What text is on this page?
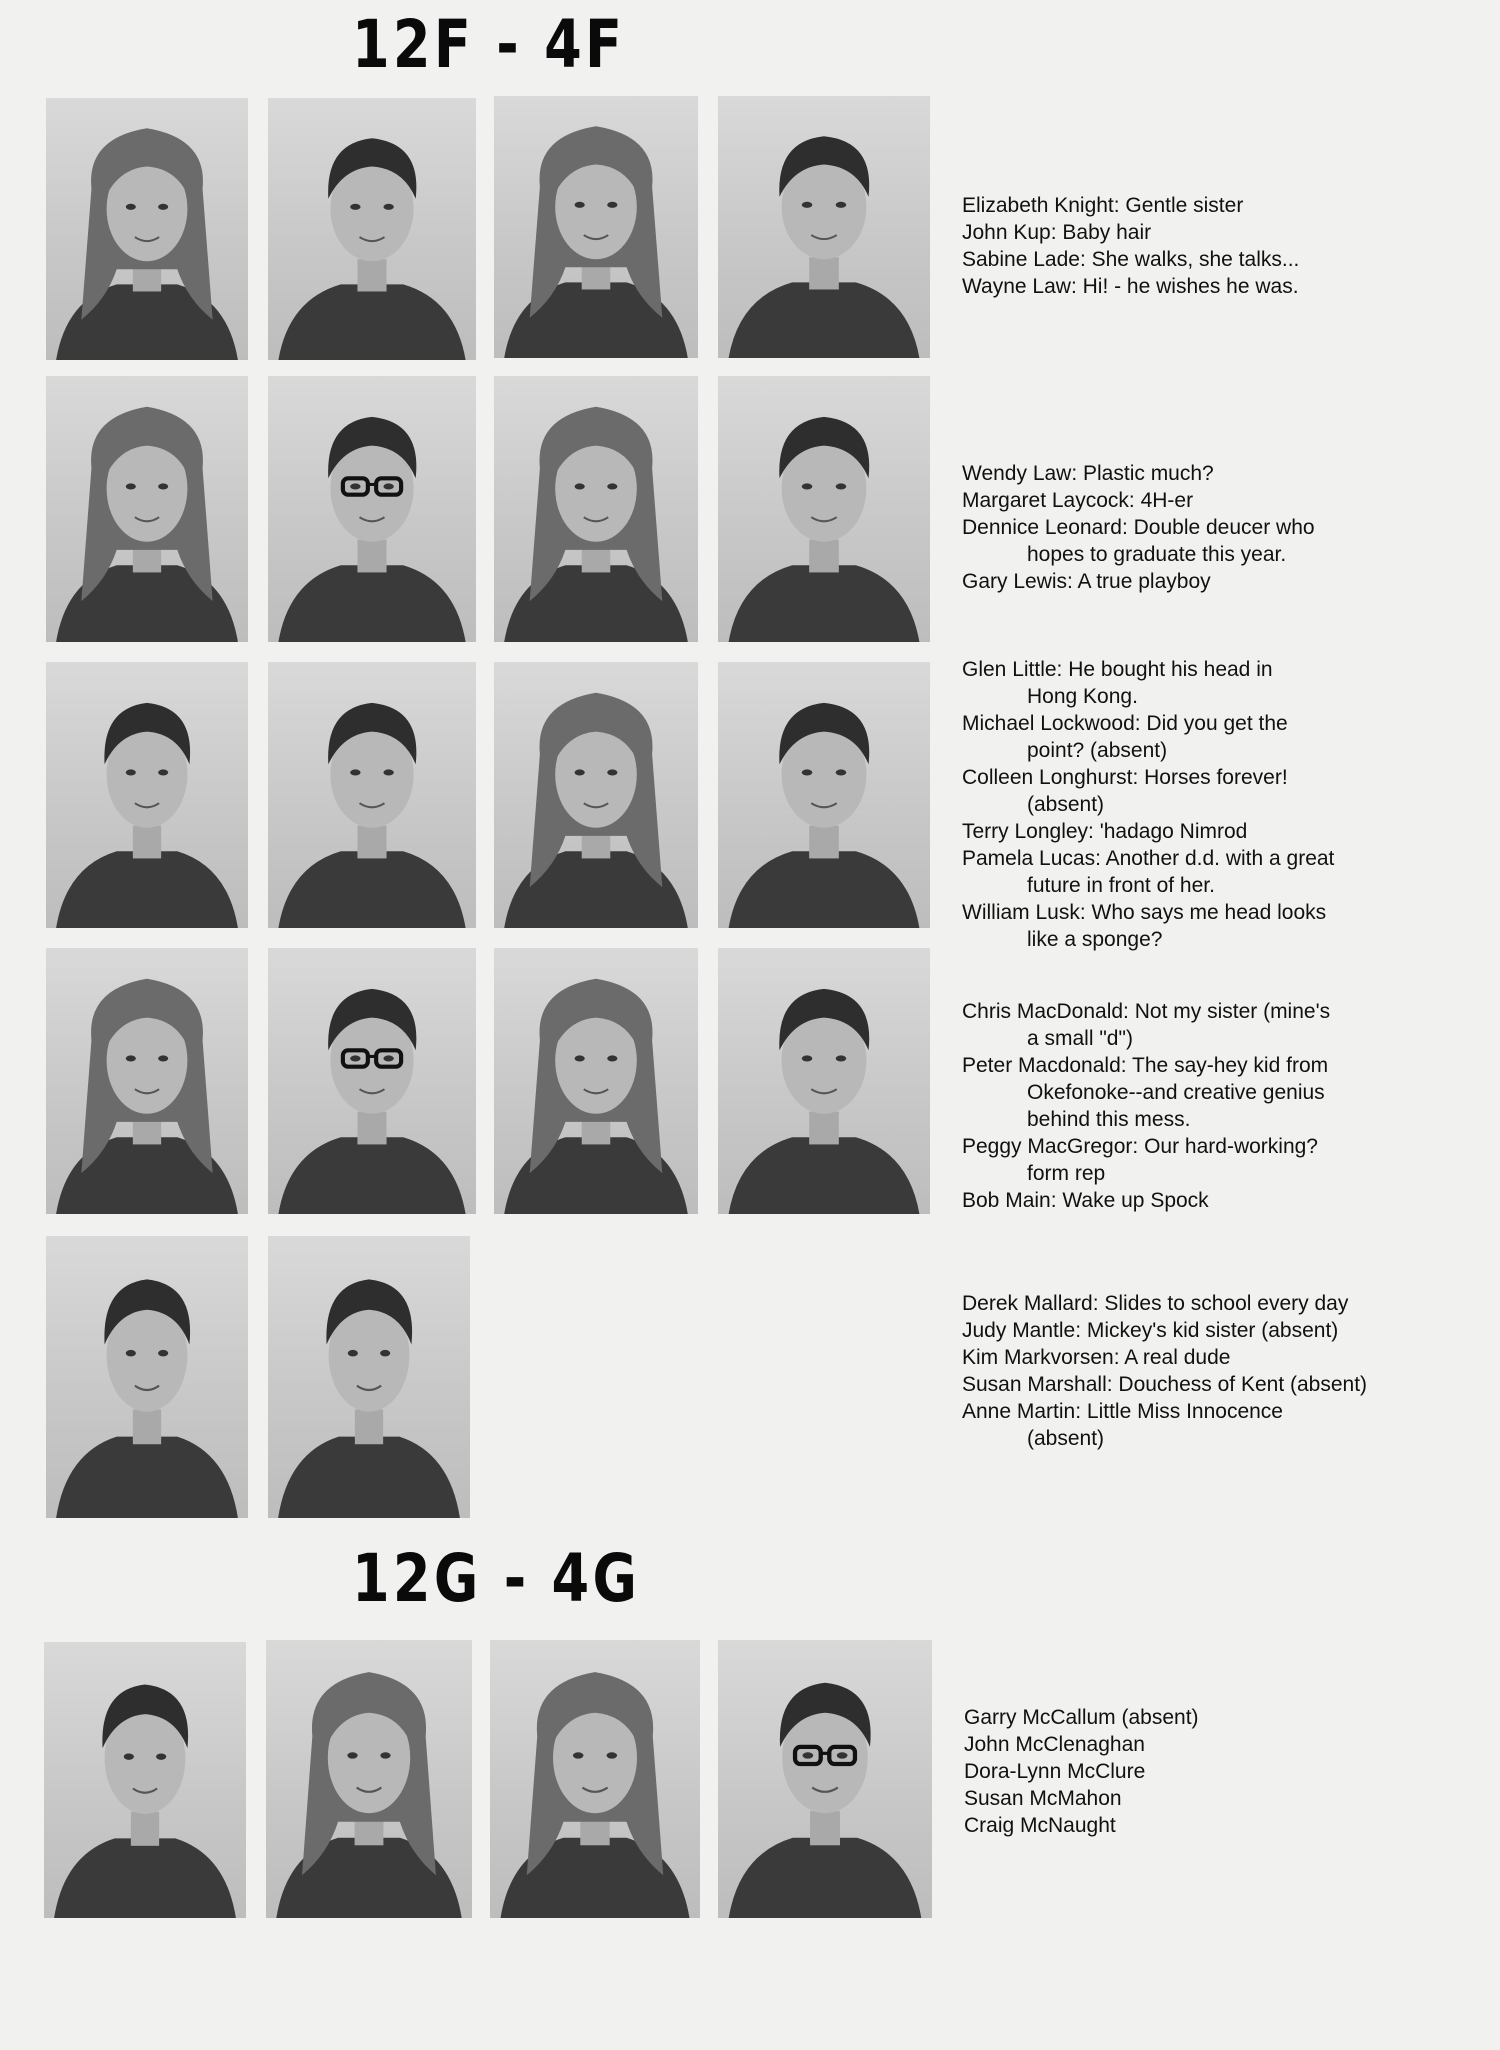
12F - 4F
12G - 4G
Elizabeth Knight: Gentle sister
John Kup: Baby hair
Sabine Lade: She walks, she talks...
Wayne Law: Hi! - he wishes he was.
Wendy Law: Plastic much?
Margaret Laycock: 4H-er
Dennice Leonard: Double deucer who
hopes to graduate this year.
Gary Lewis: A true playboy
Glen Little: He bought his head in
Hong Kong.
Michael Lockwood: Did you get the
point? (absent)
Colleen Longhurst: Horses forever!
(absent)
Terry Longley: 'hadago Nimrod
Pamela Lucas: Another d.d. with a great
future in front of her.
William Lusk: Who says me head looks
like a sponge?
Chris MacDonald: Not my sister (mine's
a small "d")
Peter Macdonald: The say-hey kid from
Okefonoke--and creative genius
behind this mess.
Peggy MacGregor: Our hard-working?
form rep
Bob Main: Wake up Spock
Derek Mallard: Slides to school every day
Judy Mantle: Mickey's kid sister (absent)
Kim Markvorsen: A real dude
Susan Marshall: Douchess of Kent (absent)
Anne Martin: Little Miss Innocence
(absent)
Garry McCallum (absent)
John McClenaghan
Dora-Lynn McClure
Susan McMahon
Craig McNaught
